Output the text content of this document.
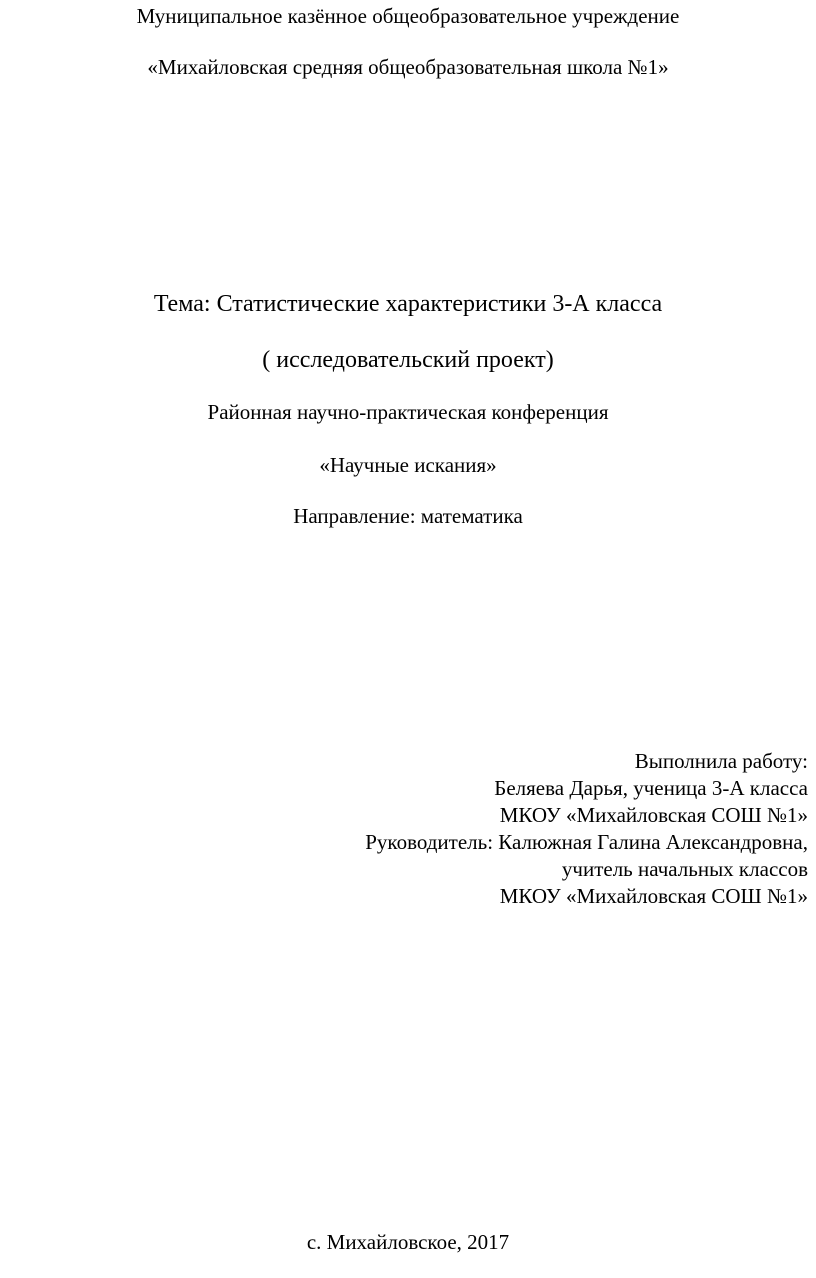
Муниципальное казённое общеобразовательное учреждение
«Михайловская средняя общеобразовательная школа №1»
Тема: Статистические характеристики 3-А класса
( исследовательский проект)
Районная научно-практическая конференция
«Научные искания»
Направление: математика
Выполнила работу:
Беляева Дарья, ученица 3-А класса
МКОУ «Михайловская СОШ №1»
Руководитель: Калюжная Галина Александровна,
учитель начальных классов
МКОУ «Михайловская СОШ №1»
с. Михайловское, 2017
